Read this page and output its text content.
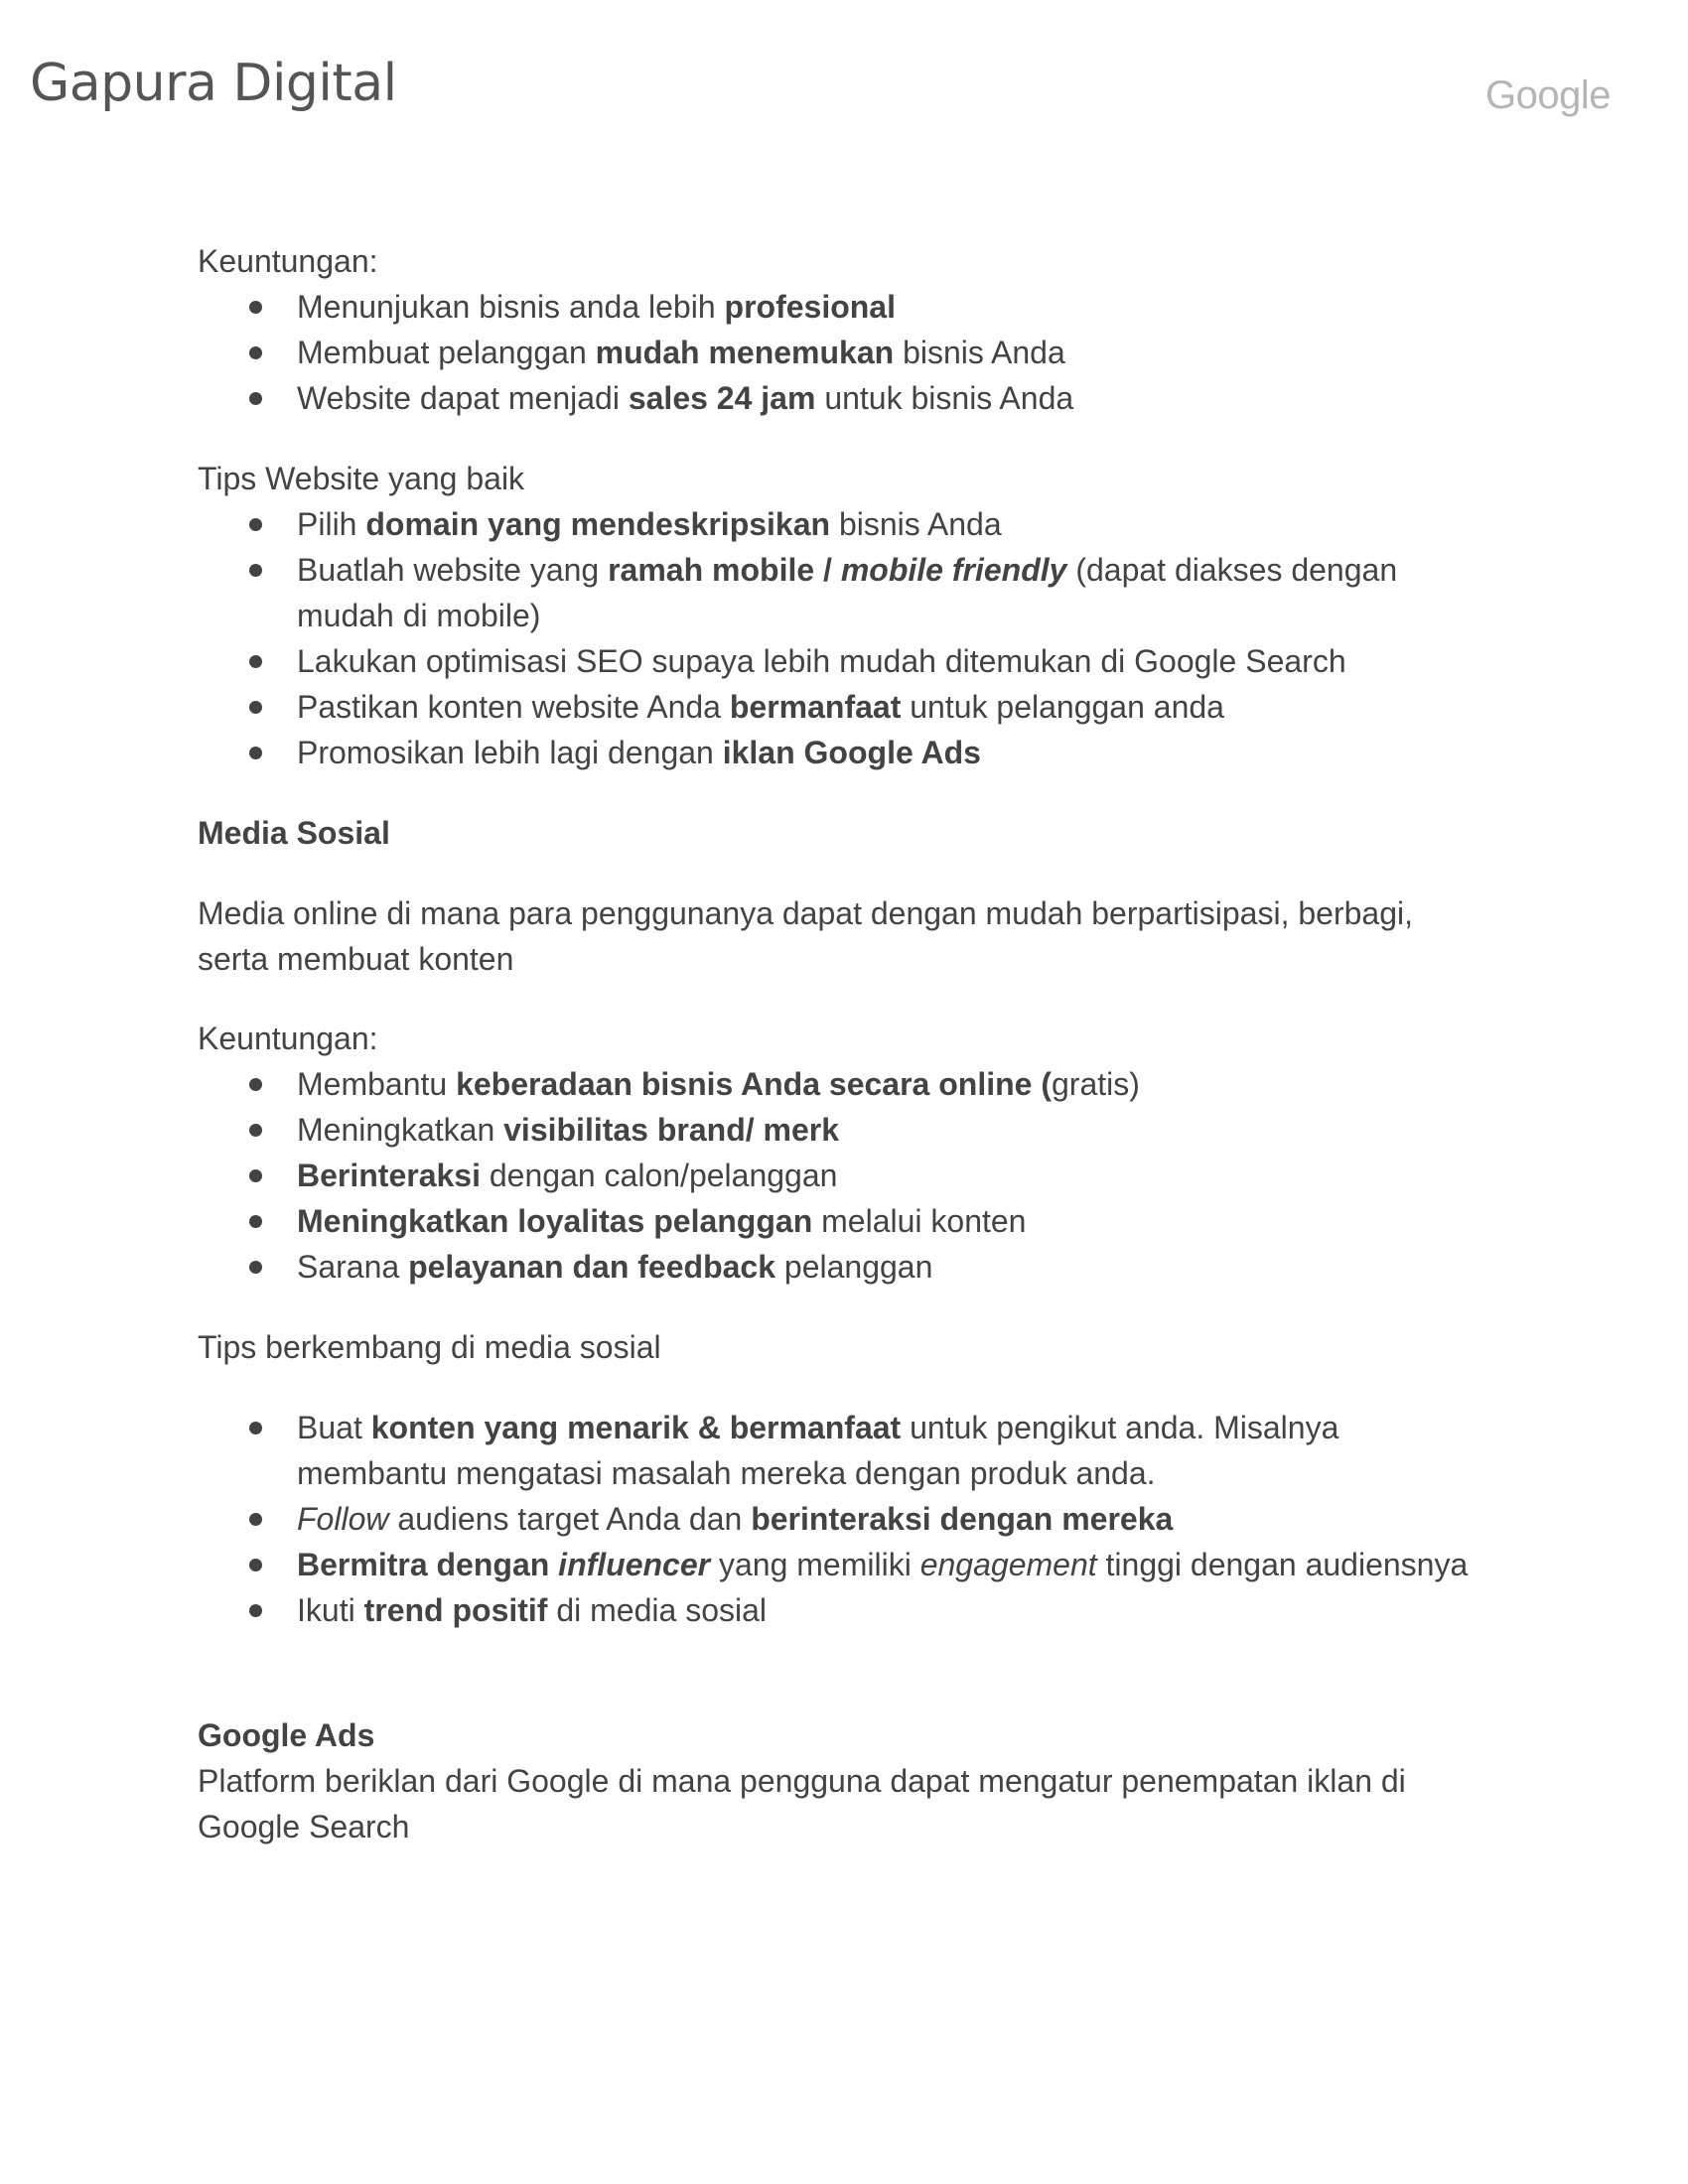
Gapura Digital	Google

Keuntungan:

Menunjukan bisnis anda lebih profesional
Membuat pelanggan mudah menemukan bisnis Anda
Website dapat menjadi sales 24 jam untuk bisnis Anda

Tips Website yang baik

Pilih domain yang mendeskripsikan bisnis Anda
Buatlah website yang ramah mobile / mobile friendly (dapat diakses dengan mudah di mobile)
Lakukan optimisasi SEO supaya lebih mudah ditemukan di Google Search
Pastikan konten website Anda bermanfaat untuk pelanggan anda
Promosikan lebih lagi dengan iklan Google Ads

Media Sosial

Media online di mana para penggunanya dapat dengan mudah berpartisipasi, berbagi, serta membuat konten

Keuntungan:

Membantu keberadaan bisnis Anda secara online (gratis)
Meningkatkan visibilitas brand/ merk
Berinteraksi dengan calon/pelanggan
Meningkatkan loyalitas pelanggan melalui konten
Sarana pelayanan dan feedback pelanggan

Tips berkembang di media sosial

Buat konten yang menarik & bermanfaat untuk pengikut anda. Misalnya membantu mengatasi masalah mereka dengan produk anda.
Follow audiens target Anda dan berinteraksi dengan mereka
Bermitra dengan influencer yang memiliki engagement tinggi dengan audiensnya
Ikuti trend positif di media sosial

Google Ads

Platform beriklan dari Google di mana pengguna dapat mengatur penempatan iklan di Google Search
